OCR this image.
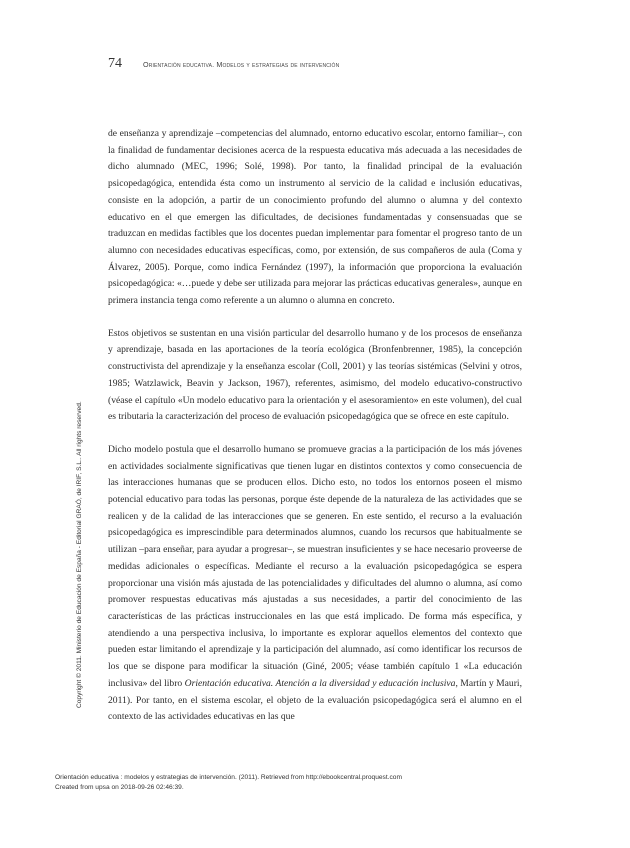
74	Orientación educativa. Modelos y estrategias de intervención

de enseñanza y aprendizaje –competencias del alumnado, entorno educativo escolar, entorno familiar–, con la finalidad de fundamentar decisiones acerca de la respuesta educativa más adecuada a las necesidades de dicho alumnado (MEC, 1996; Solé, 1998). Por tanto, la finalidad principal de la evaluación psicopedagógica, entendida ésta como un instrumento al servicio de la calidad e inclusión educativas, consiste en la adopción, a partir de un conocimiento profundo del alumno o alumna y del contexto educativo en el que emergen las dificultades, de decisiones fundamentadas y consensuadas que se traduzcan en medidas factibles que los docentes puedan implementar para fomentar el progreso tanto de un alumno con necesidades educativas específicas, como, por extensión, de sus compañeros de aula (Coma y Álvarez, 2005). Porque, como indica Fernández (1997), la información que proporciona la evaluación psicopedagógica: «…puede y debe ser utilizada para mejorar las prácticas educativas generales», aunque en primera instancia tenga como referente a un alumno o alumna en concreto.

Estos objetivos se sustentan en una visión particular del desarrollo humano y de los procesos de enseñanza y aprendizaje, basada en las aportaciones de la teoría ecológica (Bronfenbrenner, 1985), la concepción constructivista del aprendizaje y la enseñanza escolar (Coll, 2001) y las teorías sistémicas (Selvini y otros, 1985; Watzlawick, Beavin y Jackson, 1967), referentes, asimismo, del modelo educativo-constructivo (véase el capítulo «Un modelo educativo para la orientación y el asesoramiento» en este volumen), del cual es tributaria la caracterización del proceso de evaluación psicopedagógica que se ofrece en este capítulo.

Dicho modelo postula que el desarrollo humano se promueve gracias a la participación de los más jóvenes en actividades socialmente significativas que tienen lugar en distintos contextos y como consecuencia de las interacciones humanas que se producen ellos. Dicho esto, no todos los entornos poseen el mismo potencial educativo para todas las personas, porque éste depende de la naturaleza de las actividades que se realicen y de la calidad de las interacciones que se generen. En este sentido, el recurso a la evaluación psicopedagógica es imprescindible para determinados alumnos, cuando los recursos que habitualmente se utilizan –para enseñar, para ayudar a progresar–, se muestran insuficientes y se hace necesario proveerse de medidas adicionales o específicas. Mediante el recurso a la evaluación psicopedagógica se espera proporcionar una visión más ajustada de las potencialidades y dificultades del alumno o alumna, así como promover respuestas educativas más ajustadas a sus necesidades, a partir del conocimiento de las características de las prácticas instruccionales en las que está implicado. De forma más específica, y atendiendo a una perspectiva inclusiva, lo importante es explorar aquellos elementos del contexto que pueden estar limitando el aprendizaje y la participación del alumnado, así como identificar los recursos de los que se dispone para modificar la situación (Giné, 2005; véase también capítulo 1 «La educación inclusiva» del libro Orientación educativa. Atención a la diversidad y educación inclusiva, Martín y Mauri, 2011). Por tanto, en el sistema escolar, el objeto de la evaluación psicopedagógica será el alumno en el contexto de las actividades educativas en las que

Copyright © 2011. Ministerio de Educación de España - Editorial GRAÓ, de IRIF, S.L.. All rights reserved.
Orientación educativa : modelos y estrategias de intervención. (2011). Retrieved from http://ebookcentral.proquest.com
Created from upsa on 2018-09-26 02:46:39.
